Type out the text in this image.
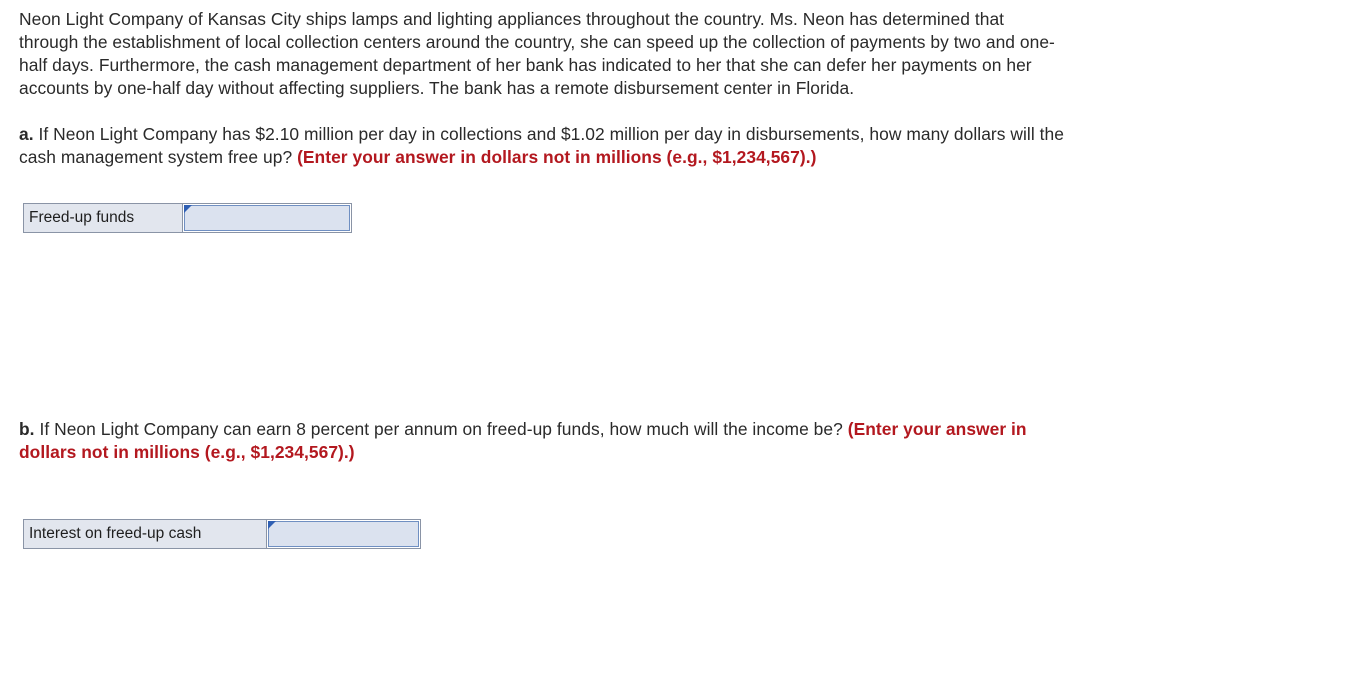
Neon Light Company of Kansas City ships lamps and lighting appliances throughout the country. Ms. Neon has determined that
through the establishment of local collection centers around the country, she can speed up the collection of payments by two and one-
half days. Furthermore, the cash management department of her bank has indicated to her that she can defer her payments on her
accounts by one-half day without affecting suppliers. The bank has a remote disbursement center in Florida.
a. If Neon Light Company has $2.10 million per day in collections and $1.02 million per day in disbursements, how many dollars will the
cash management system free up? (Enter your answer in dollars not in millions (e.g., $1,234,567).)
Freed-up funds
b. If Neon Light Company can earn 8 percent per annum on freed-up funds, how much will the income be? (Enter your answer in
dollars not in millions (e.g., $1,234,567).)
Interest on freed-up cash
